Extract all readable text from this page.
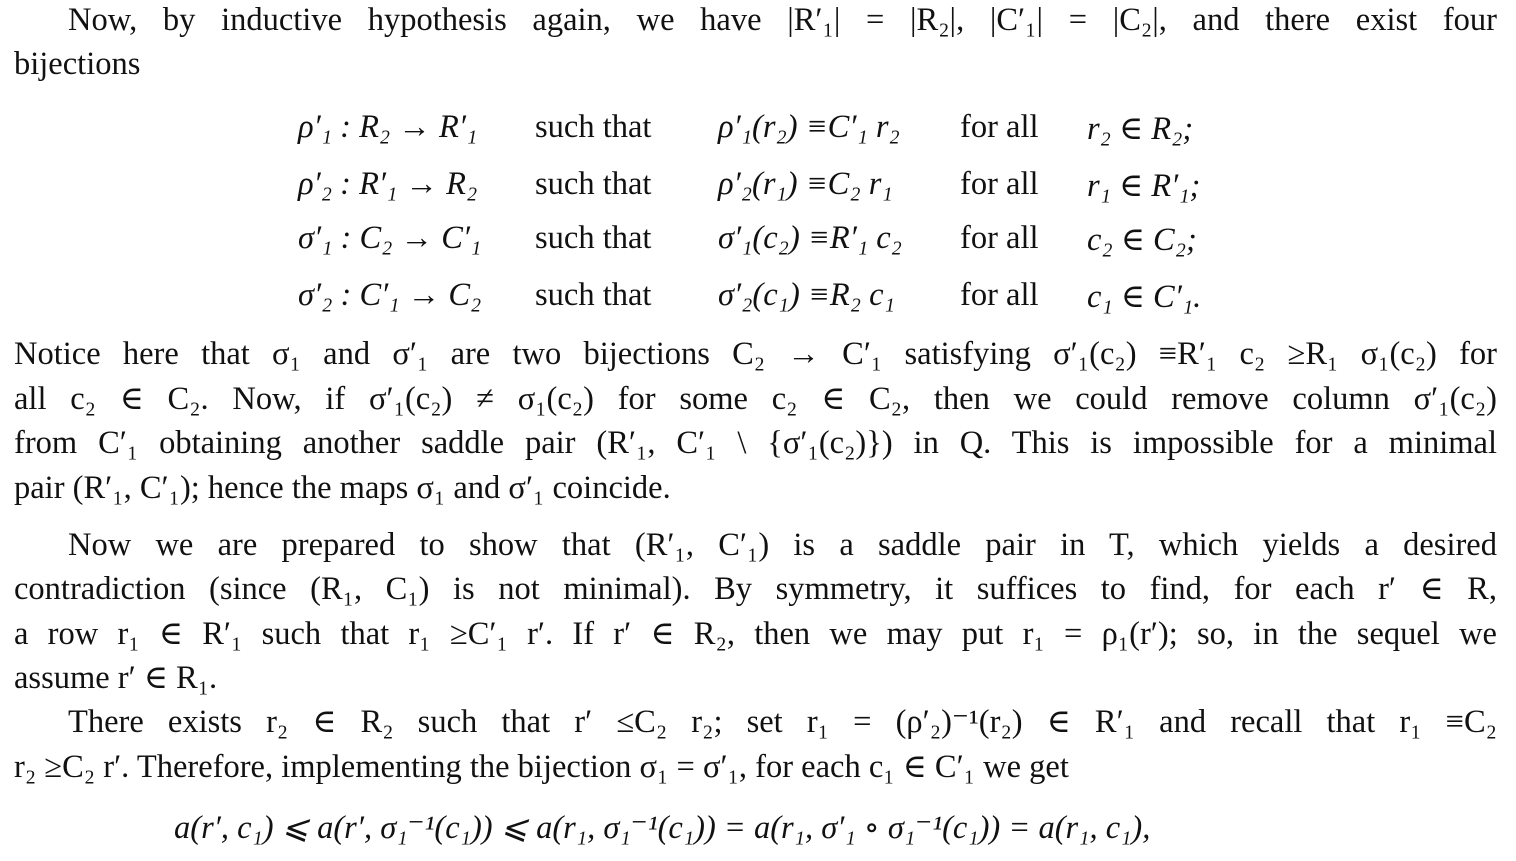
Now, by inductive hypothesis again, we have |R′₁| = |R₂|, |C′₁| = |C₂|, and there exist four
bijections
ρ′₁ : R₂ → R′₁ such that ρ′₁(r₂) ≡C′₁ r₂ for all r₂ ∈ R₂;
ρ′₂ : R′₁ → R₂ such that ρ′₂(r₁) ≡C₂ r₁ for all r₁ ∈ R′₁;
σ′₁ : C₂ → C′₁ such that σ′₁(c₂) ≡R′₁ c₂ for all c₂ ∈ C₂;
σ′₂ : C′₁ → C₂ such that σ′₂(c₁) ≡R₂ c₁ for all c₁ ∈ C′₁.
Notice here that σ₁ and σ′₁ are two bijections C₂ → C′₁ satisfying σ′₁(c₂) ≡R′₁ c₂ ≥R₁ σ₁(c₂) for
all c₂ ∈ C₂. Now, if σ′₁(c₂) ≠ σ₁(c₂) for some c₂ ∈ C₂, then we could remove column σ′₁(c₂)
from C′₁ obtaining another saddle pair (R′₁, C′₁ \ {σ′₁(c₂)}) in Q. This is impossible for a minimal
pair (R′₁, C′₁); hence the maps σ₁ and σ′₁ coincide.
Now we are prepared to show that (R′₁, C′₁) is a saddle pair in T, which yields a desired
contradiction (since (R₁, C₁) is not minimal). By symmetry, it suffices to find, for each r′ ∈ R,
a row r₁ ∈ R′₁ such that r₁ ≥C′₁ r′. If r′ ∈ R₂, then we may put r₁ = ρ₁(r′); so, in the sequel we
assume r′ ∈ R₁.
There exists r₂ ∈ R₂ such that r′ ≤C₂ r₂; set r₁ = (ρ′₂)⁻¹(r₂) ∈ R′₁ and recall that r₁ ≡C₂
r₂ ≥C₂ r′. Therefore, implementing the bijection σ₁ = σ′₁, for each c₁ ∈ C′₁ we get
a(r′, c₁) ⩽ a(r′, σ₁⁻¹(c₁)) ⩽ a(r₁, σ₁⁻¹(c₁)) = a(r₁, σ′₁ ∘ σ₁⁻¹(c₁)) = a(r₁, c₁),
